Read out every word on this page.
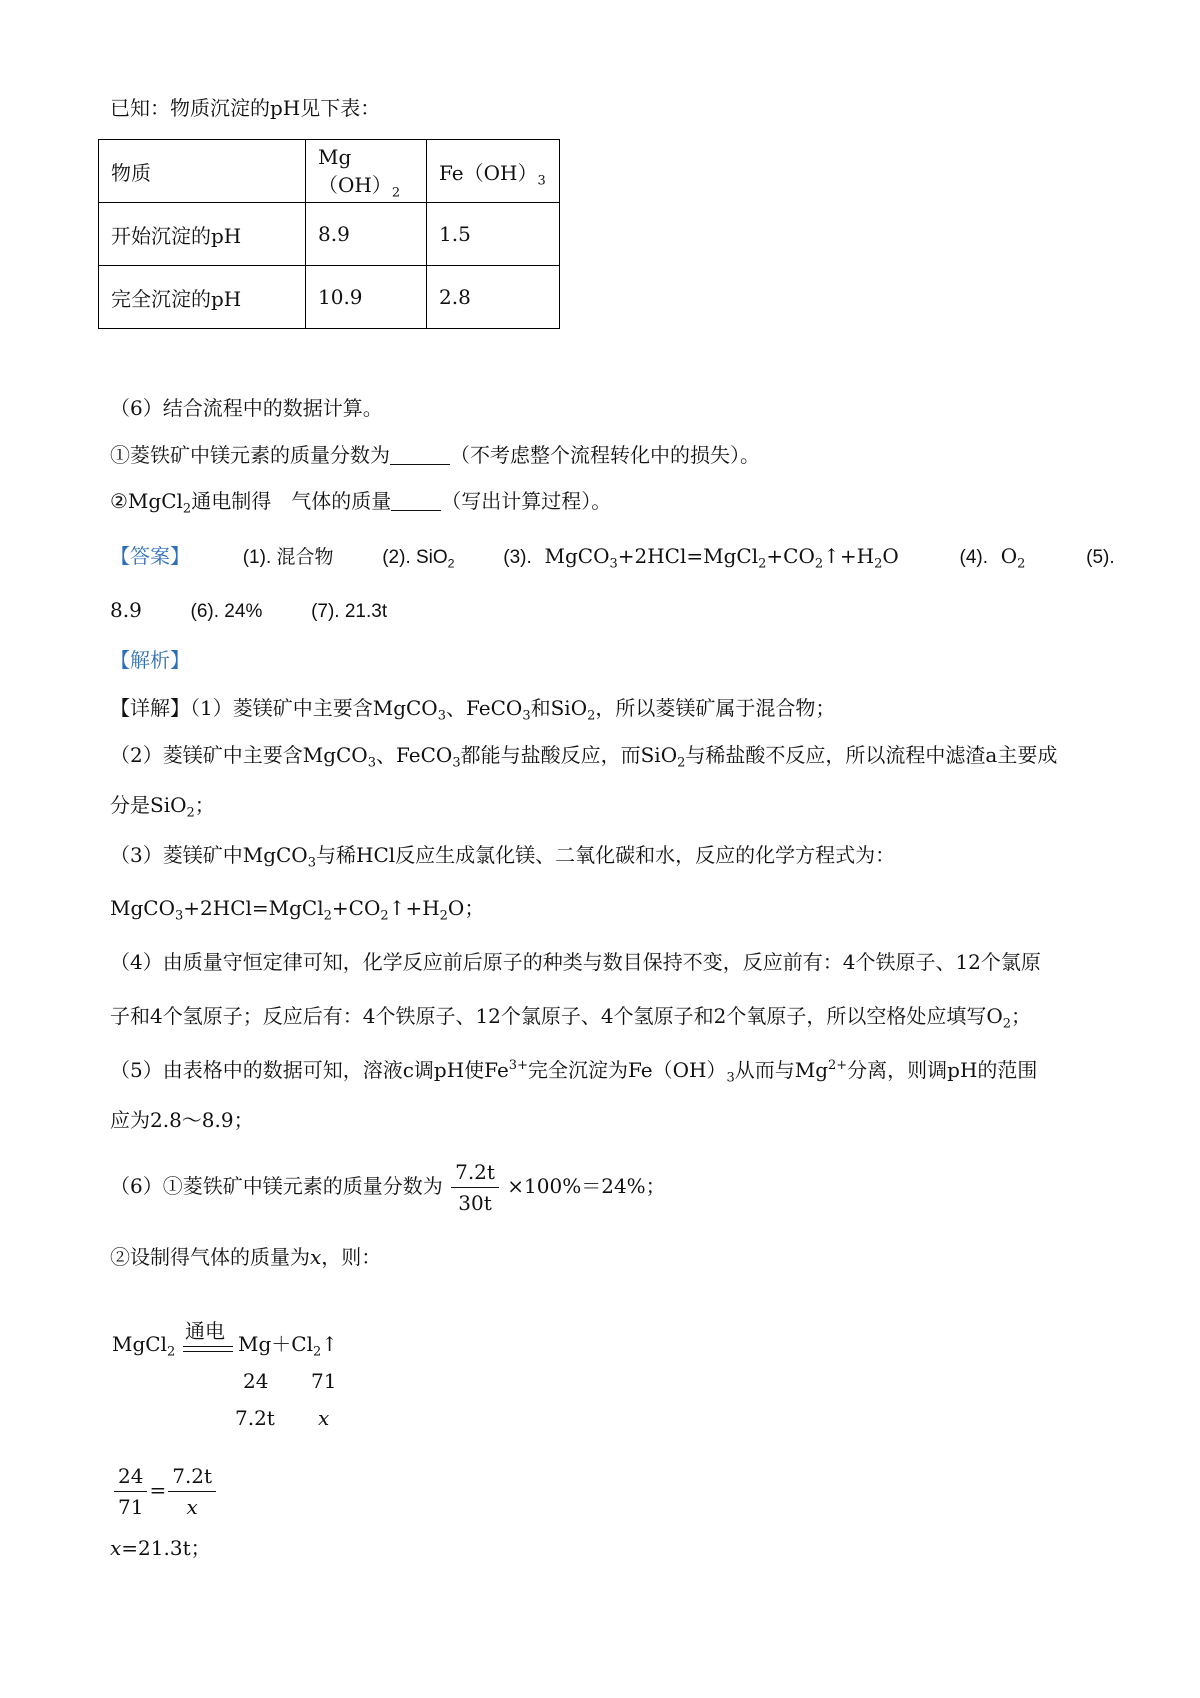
已知：物质沉淀的pH见下表：
物质	$Mg(OH)_2$	$Fe(OH)_3$
开始沉淀的pH	8.9	1.5
完全沉淀的pH	10.9	2.8
（6）结合流程中的数据计算。
①菱铁矿中镁元素的质量分数为	（不考虑整个流程转化中的损失）。
②MgCl$_2$通电制得　气体的质量	（写出计算过程）。
【答案】	(1). 混合物	(2). SiO$_2$	(3). $MgCO_3+2HCl=MgCl_2+CO_2↑+H_2O$	(4). $O_2$	(5).
8.9	(6). 24%	(7). 21.3t
【解析】
【详解】（1）菱镁矿中主要含MgCO$_3$、FeCO$_3$和SiO$_2$，所以菱镁矿属于混合物；
（2）菱镁矿中主要含MgCO$_3$、FeCO$_3$都能与盐酸反应，而SiO$_2$与稀盐酸不反应，所以流程中滤渣a主要成
分是SiO$_2$；
（3）菱镁矿中MgCO$_3$与稀HCl反应生成氯化镁、二氧化碳和水，反应的化学方程式为：
$MgCO_3+2HCl=MgCl_2+CO_2↑+H_2O$；
（4）由质量守恒定律可知，化学反应前后原子的种类与数目保持不变，反应前有：4个铁原子、12个氯原
子和4个氢原子；反应后有：4个铁原子、12个氯原子、4个氢原子和2个氧原子，所以空格处应填写$O_2$；
（5）由表格中的数据可知，溶液c调pH使$Fe^{3+}$完全沉淀为$Fe(OH)_3$从而与$Mg^{2+}$分离，则调pH的范围
应为2.8～8.9；
（6）①菱铁矿中镁元素的质量分数为 $\frac{7.2t}{30t} \times 100\%=24\%$；
②设制得气体的质量为x，则：
通电
MgCl$_2$	$Mg+Cl_2↑$
24 71
7.2t x
$\frac{24}{71} = \frac{7.2t}{x}$
x=21.3t；
